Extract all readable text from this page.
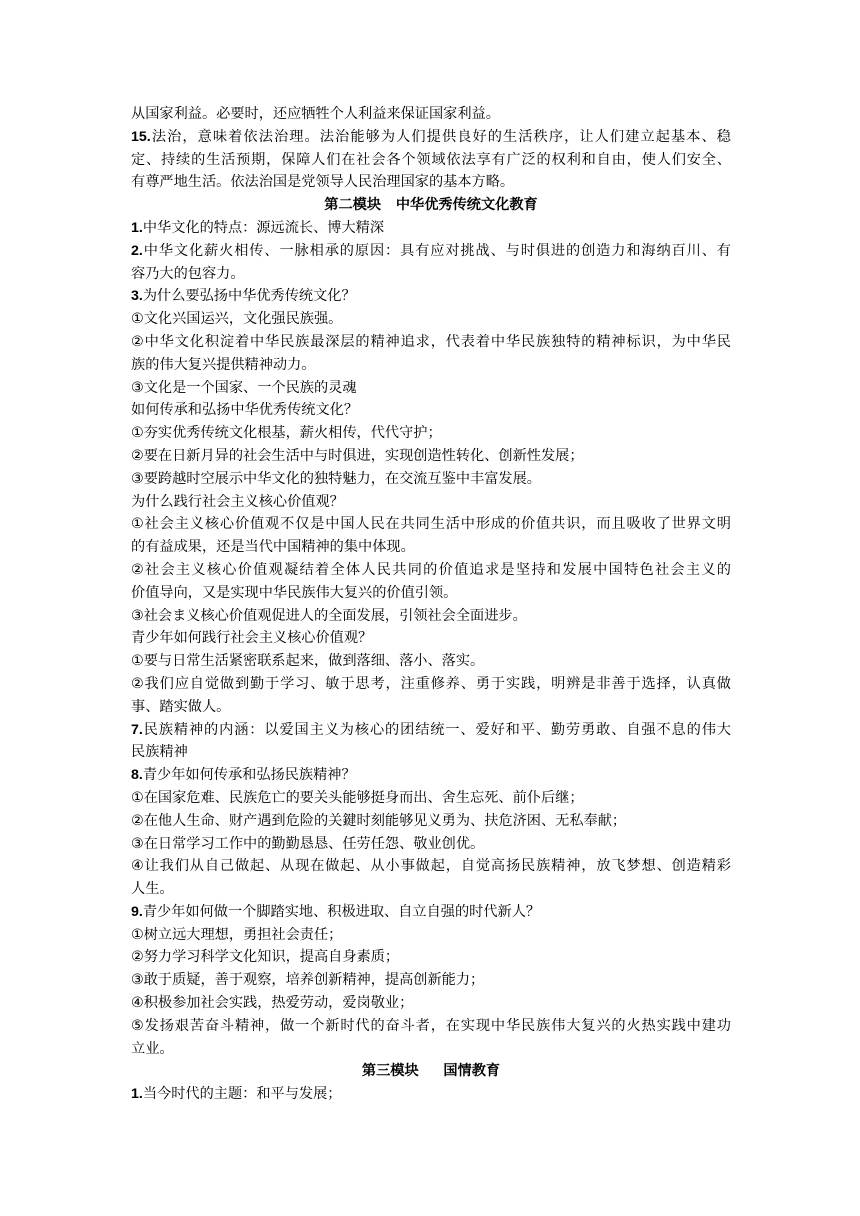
从国家利益。必要时，还应牺牲个人利益来保证国家利益。
15.法治，意味着依法治理。法治能够为人们提供良好的生活秩序，让人们建立起基本、稳
定、持续的生活预期，保障人们在社会各个领域依法享有广泛的权利和自由，使人们安全、
有尊严地生活。依法治国是党领导人民治理国家的基本方略。
第二模块   中华优秀传统文化教育
1.中华文化的特点：源远流长、博大精深
2.中华文化薪火相传、一脉相承的原因：具有应对挑战、与时俱进的创造力和海纳百川、有
容乃大的包容力。
3.为什么要弘扬中华优秀传统文化？
①文化兴国运兴，文化强民族强。
②中华文化积淀着中华民族最深层的精神追求，代表着中华民族独特的精神标识，为中华民
族的伟大复兴提供精神动力。
③文化是一个国家、一个民族的灵魂
如何传承和弘扬中华优秀传统文化？
①夯实优秀传统文化根基，薪火相传，代代守护；
②要在日新月异的社会生活中与时俱进，实现创造性转化、创新性发展；
③要跨越时空展示中华文化的独特魅力，在交流互鉴中丰富发展。
为什么践行社会主义核心价值观？
①社会主义核心价值观不仅是中国人民在共同生活中形成的价值共识，而且吸收了世界文明
的有益成果，还是当代中国精神的集中体现。
②社会主义核心价值观凝结着全体人民共同的价值追求是坚持和发展中国特色社会主义的
价值导向，又是实现中华民族伟大复兴的价值引领。
③社会ま义核心价值观促进人的全面发展，引领社会全面进步。
青少年如何践行社会主义核心价值观？
①要与日常生活紧密联系起来，做到落细、落小、落实。
②我们应自觉做到勤于学习、敏于思考，注重修养、勇于实践，明辨是非善于选择，认真做
事、踏实做人。
7.民族精神的内涵：以爱国主义为核心的团结统一、爱好和平、勤劳勇敢、自强不息的伟大
民族精神
8.青少年如何传承和弘扬民族精神？
①在国家危难、民族危亡的要关头能够挺身而出、舍生忘死、前仆后继；
②在他人生命、财产遇到危险的关鍵时刻能够见义勇为、扶危济困、无私奉献；
③在日常学习工作中的勤勤恳恳、任劳任怨、敬业创优。
④让我们从自己做起、从现在做起、从小事做起，自觉高扬民族精神，放飞梦想、创造精彩
人生。
9.青少年如何做一个脚踏实地、积极进取、自立自强的时代新人？
①树立远大理想，勇担社会责任；
②努力学习科学文化知识，提高自身素质；
③敢于质疑，善于观察，培养创新精神，提高创新能力；
④积极参加社会实践，热爱劳动，爱岗敬业；
⑤发扬艰苦奋斗精神，做一个新时代的奋斗者，在实现中华民族伟大复兴的火热实践中建功
立业。
第三模块     国情教育
1.当今时代的主题：和平与发展；
